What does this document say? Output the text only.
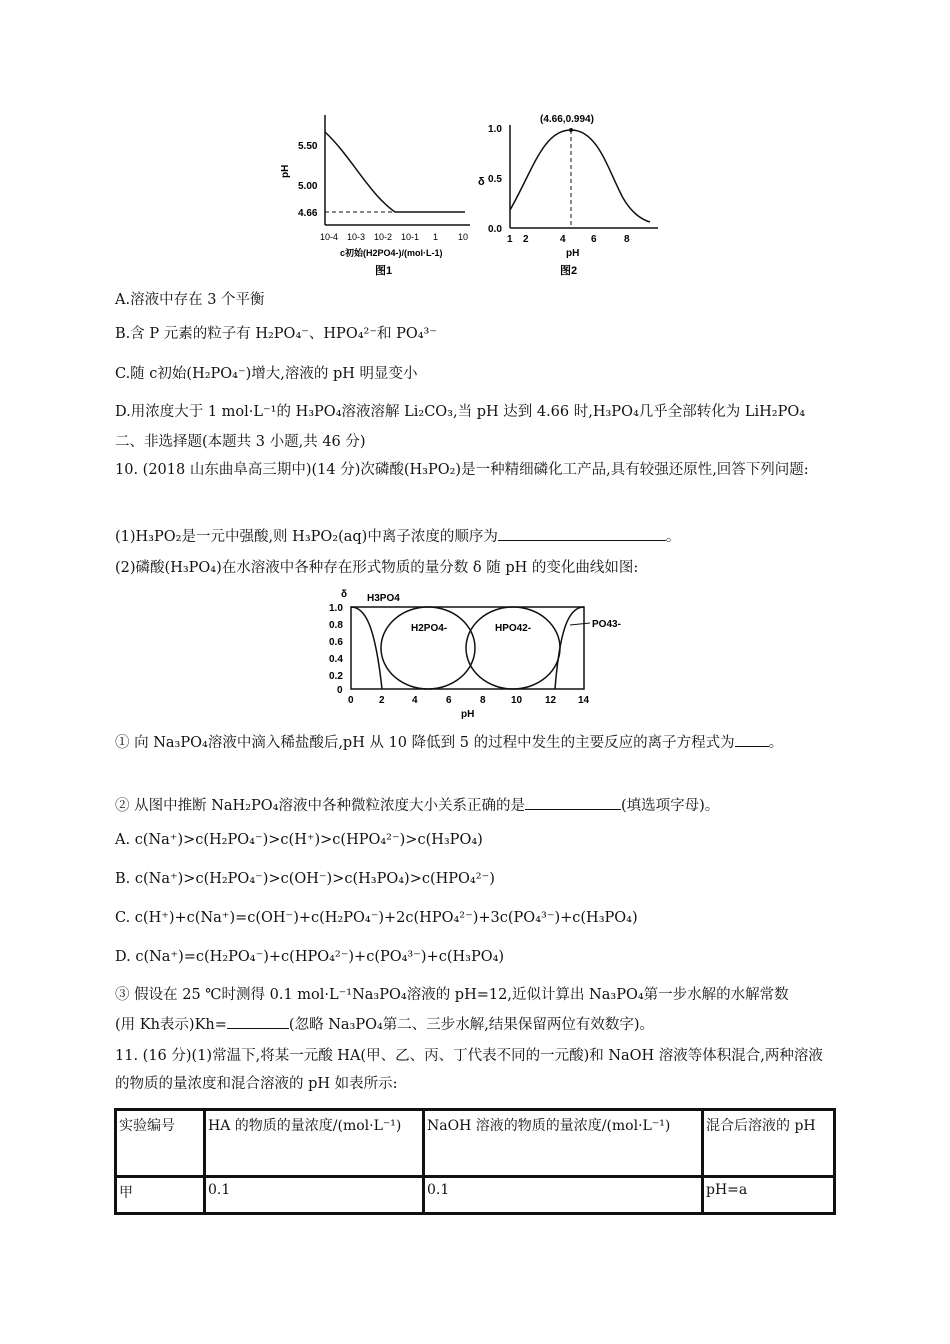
5.50
5.00
4.66
pH
10-4 10-3 10-2 10-1 1 10
c初始(H2PO4-)/(mol·L-1)
图1
(4.66,0.994)
1.0
0.5
0.0
δ
1 2	4	6	8
pH
图2
A.溶液中存在 3 个平衡
B.含 P 元素的粒子有 H₂PO₄⁻、HPO₄²⁻和 PO₄³⁻
C.随 c初始(H₂PO₄⁻)增大,溶液的 pH 明显变小
D.用浓度大于 1 mol·L⁻¹的 H₃PO₄溶液溶解 Li₂CO₃,当 pH 达到 4.66 时,H₃PO₄几乎全部转化为 LiH₂PO₄
二、非选择题(本题共 3 小题,共 46 分)
10. (2018 山东曲阜高三期中)(14 分)次磷酸(H₃PO₂)是一种精细磷化工产品,具有较强还原性,回答下列问题:
(1)H₃PO₂是一元中强酸,则 H₃PO₂(aq)中离子浓度的顺序为	。
(2)磷酸(H₃PO₄)在水溶液中各种存在形式物质的量分数 δ 随 pH 的变化曲线如图:
H3PO4
H2PO4-	HPO42-	PO43-
δ
1.0
0.8
0.6
0.4
0.2
0
0	2	4	6	8	10 12 14
pH
① 向 Na₃PO₄溶液中滴入稀盐酸后,pH 从 10 降低到 5 的过程中发生的主要反应的离子方程式为 。
② 从图中推断 NaH₂PO₄溶液中各种微粒浓度大小关系正确的是	(填选项字母)。
A. c(Na⁺)>c(H₂PO₄⁻)>c(H⁺)>c(HPO₄²⁻)>c(H₃PO₄)
B. c(Na⁺)>c(H₂PO₄⁻)>c(OH⁻)>c(H₃PO₄)>c(HPO₄²⁻)
C. c(H⁺)+c(Na⁺)=c(OH⁻)+c(H₂PO₄⁻)+2c(HPO₄²⁻)+3c(PO₄³⁻)+c(H₃PO₄)
D. c(Na⁺)=c(H₂PO₄⁻)+c(HPO₄²⁻)+c(PO₄³⁻)+c(H₃PO₄)
③ 假设在 25 ℃时测得 0.1 mol·L⁻¹Na₃PO₄溶液的 pH=12,近似计算出 Na₃PO₄第一步水解的水解常数
(用 Kh表示)Kh=	(忽略 Na₃PO₄第二、三步水解,结果保留两位有效数字)。
11. (16 分)(1)常温下,将某一元酸 HA(甲、乙、丙、丁代表不同的一元酸)和 NaOH 溶液等体积混合,两种溶液的物质的量浓度和混合溶液的 pH 如表所示:
实验编号	HA 的物质的量浓度/(mol·L⁻¹)	NaOH 溶液的物质的量浓度/(mol·L⁻¹)	混合后溶液的 pH
甲	0.1	0.1	pH=a
